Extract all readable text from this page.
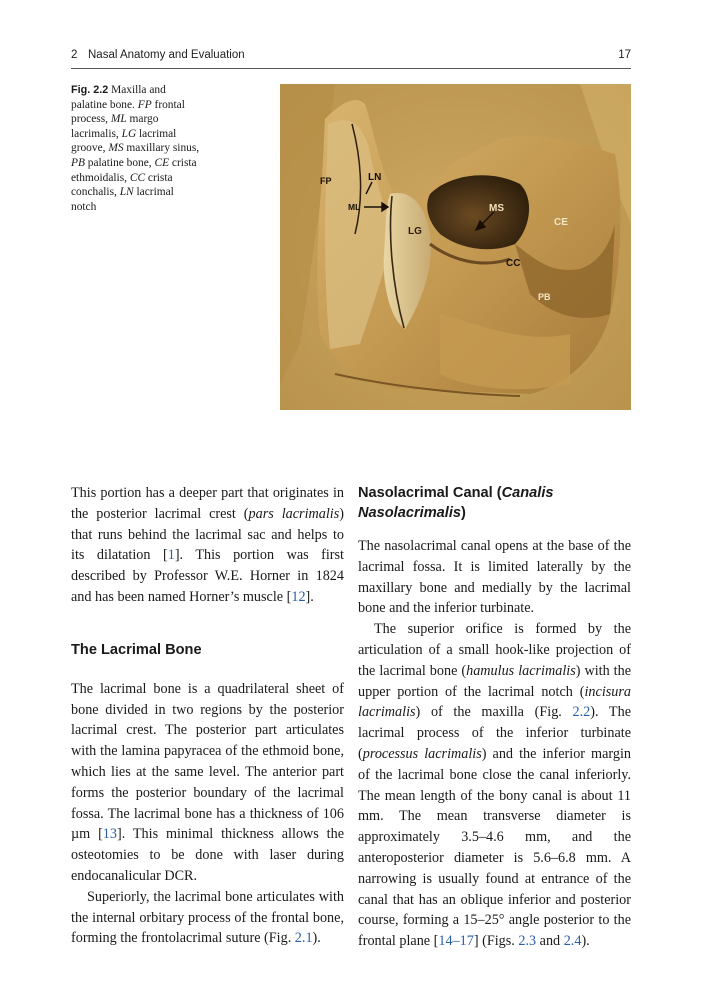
2 Nasal Anatomy and Evaluation	17
Fig. 2.2 Maxilla and palatine bone. FP frontal process, ML margo lacrimalis, LG lacrimal groove, MS maxillary sinus, PB palatine bone, CE crista ethmoidalis, CC crista conchalis, LN lacrimal notch
FP	LN
ML
LG
MS
CE
CC
PB

This portion has a deeper part that originates in the posterior lacrimal crest (pars lacrimalis) that runs behind the lacrimal sac and helps to its dilatation [1]. This portion was first described by Professor W.E. Horner in 1824 and has been named Horner’s muscle [12].

The Lacrimal Bone

The lacrimal bone is a quadrilateral sheet of bone divided in two regions by the posterior lacrimal crest. The posterior part articulates with the lamina papyracea of the ethmoid bone, which lies at the same level. The anterior part forms the posterior boundary of the lacrimal fossa. The lacrimal bone has a thickness of 106 µm [13]. This minimal thickness allows the osteotomies to be done with laser during endocanalicular DCR.

Superiorly, the lacrimal bone articulates with the internal orbitary process of the frontal bone, forming the frontolacrimal suture (Fig. 2.1).

Nasolacrimal Canal (Canalis Nasolacrimalis)

The nasolacrimal canal opens at the base of the lacrimal fossa. It is limited laterally by the maxillary bone and medially by the lacrimal bone and the inferior turbinate.

The superior orifice is formed by the articulation of a small hook-like projection of the lacrimal bone (hamulus lacrimalis) with the upper portion of the lacrimal notch (incisura lacrimalis) of the maxilla (Fig. 2.2). The lacrimal process of the inferior turbinate (processus lacrimalis) and the inferior margin of the lacrimal bone close the canal inferiorly. The mean length of the bony canal is about 11 mm. The mean transverse diameter is approximately 3.5–4.6 mm, and the anteroposterior diameter is 5.6–6.8 mm. A narrowing is usually found at entrance of the canal that has an oblique inferior and posterior course, forming a 15–25° angle posterior to the frontal plane [14–17] (Figs. 2.3 and 2.4).
